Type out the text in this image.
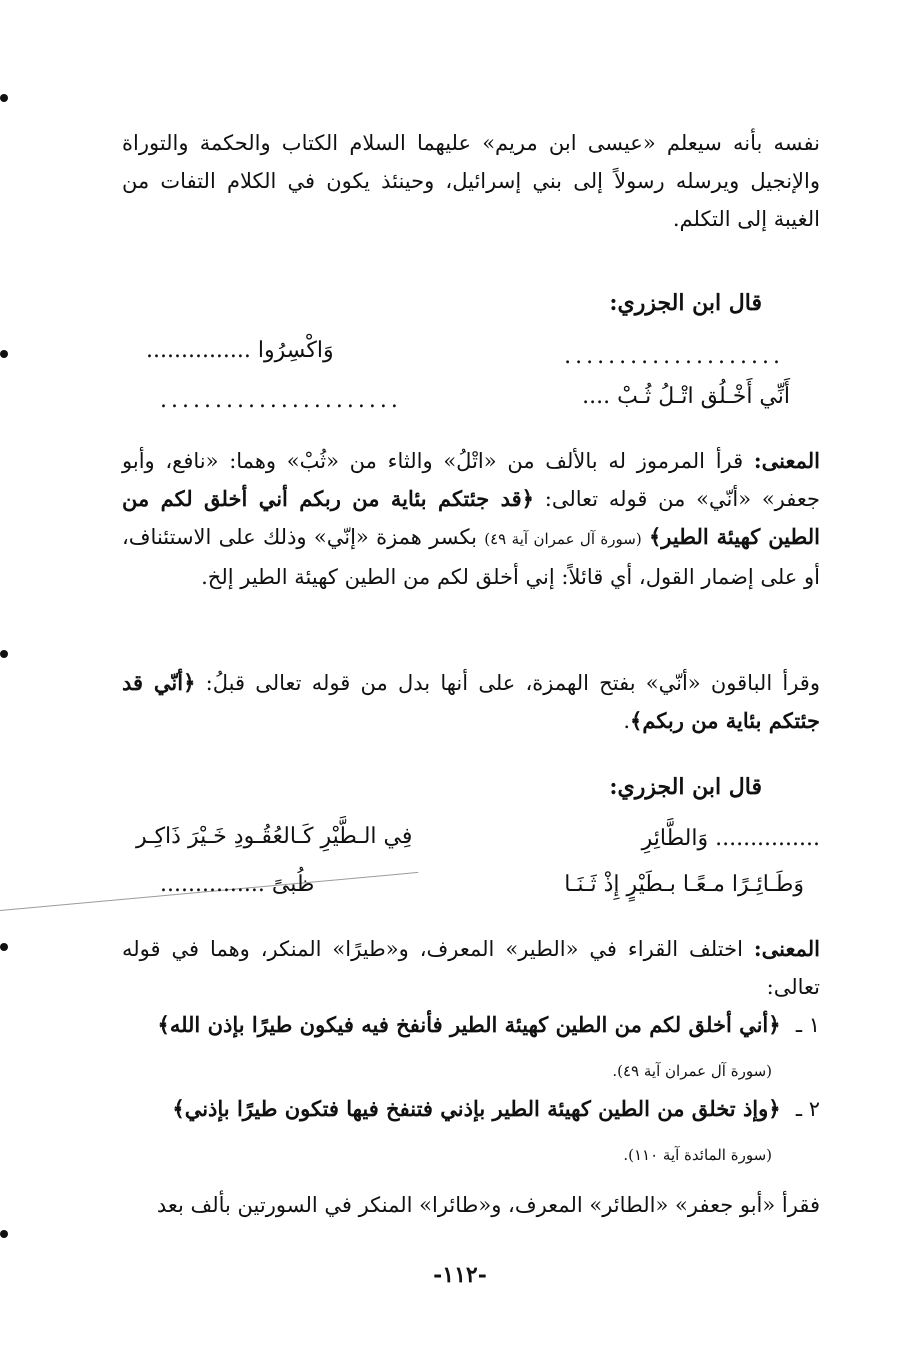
نفسه بأنه سيعلم «عيسى ابن مريم» عليهما السلام الكتاب والحكمة والتوراة والإنجيل ويرسله رسولاً إلى بني إسرائيل، وحينئذ يكون في الكلام التفات من الغيبة إلى التكلم.
قال ابن الجزري:
....................
وَاكْسِرُوا ...............
أَنِّي أَخْـلُق اتْـلُ ثُـبْ ....
......................
المعنى: قرأ المرموز له بالألف من «اتْلُ» والثاء من «ثُبْ» وهما: «نافع، وأبو جعفر» «أنّي» من قوله تعالى: ﴿قد جئتكم بئاية من ربكم أني أخلق لكم من الطين كهيئة الطير﴾ (سورة آل عمران آية ٤٩) بكسر همزة «إنّي» وذلك على الاستئناف، أو على إضمار القول، أي قائلاً: إني أخلق لكم من الطين كهيئة الطير إلخ.
وقرأ الباقون «أنّي» بفتح الهمزة، على أنها بدل من قوله تعالى قبلُ: ﴿أنّي قد جئتكم بئاية من ربكم﴾.
قال ابن الجزري:
............... وَالطَّائِرِ
فِي الـطَّيْرِ كَـالعُقُـودِ خَـيْرَ ذَاكِـر
وَطَـائِـرًا مـعًـا بـطَيْرٍ إِذْ ثَـنَـا
ظُبىً ...............
المعنى: اختلف القراء في «الطير» المعرف، و«طيرًا» المنكر، وهما في قوله تعالى:
١ ـ ﴿أني أخلق لكم من الطين كهيئة الطير فأنفخ فيه فيكون طيرًا بإذن الله﴾
(سورة آل عمران آية ٤٩).
٢ ـ ﴿وإذ تخلق من الطين كهيئة الطير بإذني فتنفخ فيها فتكون طيرًا بإذني﴾
(سورة المائدة آية ١١٠).
فقرأ «أبو جعفر» «الطائر» المعرف، و«طائرا» المنكر في السورتين بألف بعد
-١١٢-
